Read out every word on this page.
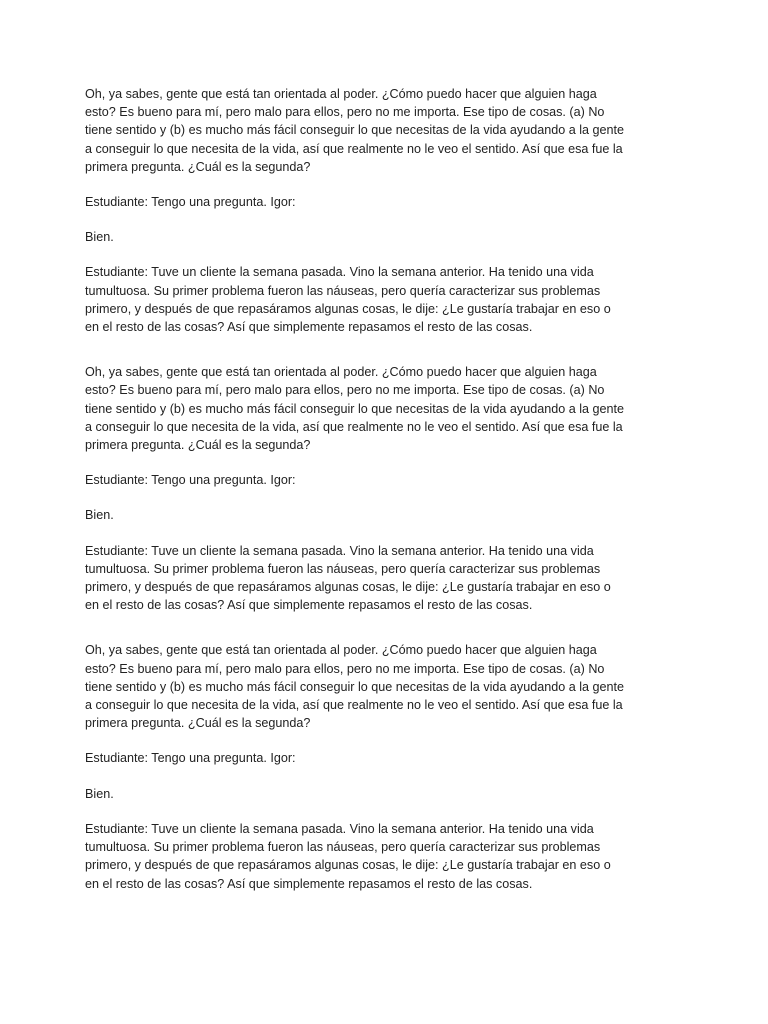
Oh, ya sabes, gente que está tan orientada al poder. ¿Cómo puedo hacer que alguien haga esto? Es bueno para mí, pero malo para ellos, pero no me importa. Ese tipo de cosas. (a) No tiene sentido y (b) es mucho más fácil conseguir lo que necesitas de la vida ayudando a la gente a conseguir lo que necesita de la vida, así que realmente no le veo el sentido. Así que esa fue la primera pregunta. ¿Cuál es la segunda?

Estudiante: Tengo una pregunta. Igor:

Bien.

Estudiante: Tuve un cliente la semana pasada. Vino la semana anterior. Ha tenido una vida tumultuosa. Su primer problema fueron las náuseas, pero quería caracterizar sus problemas primero, y después de que repasáramos algunas cosas, le dije: ¿Le gustaría trabajar en eso o en el resto de las cosas? Así que simplemente repasamos el resto de las cosas.

Oh, ya sabes, gente que está tan orientada al poder. ¿Cómo puedo hacer que alguien haga esto? Es bueno para mí, pero malo para ellos, pero no me importa. Ese tipo de cosas. (a) No tiene sentido y (b) es mucho más fácil conseguir lo que necesitas de la vida ayudando a la gente a conseguir lo que necesita de la vida, así que realmente no le veo el sentido. Así que esa fue la primera pregunta. ¿Cuál es la segunda?

Estudiante: Tengo una pregunta. Igor:

Bien.

Estudiante: Tuve un cliente la semana pasada. Vino la semana anterior. Ha tenido una vida tumultuosa. Su primer problema fueron las náuseas, pero quería caracterizar sus problemas primero, y después de que repasáramos algunas cosas, le dije: ¿Le gustaría trabajar en eso o en el resto de las cosas? Así que simplemente repasamos el resto de las cosas.

Oh, ya sabes, gente que está tan orientada al poder. ¿Cómo puedo hacer que alguien haga esto? Es bueno para mí, pero malo para ellos, pero no me importa. Ese tipo de cosas. (a) No tiene sentido y (b) es mucho más fácil conseguir lo que necesitas de la vida ayudando a la gente a conseguir lo que necesita de la vida, así que realmente no le veo el sentido. Así que esa fue la primera pregunta. ¿Cuál es la segunda?

Estudiante: Tengo una pregunta. Igor:

Bien.

Estudiante: Tuve un cliente la semana pasada. Vino la semana anterior. Ha tenido una vida tumultuosa. Su primer problema fueron las náuseas, pero quería caracterizar sus problemas primero, y después de que repasáramos algunas cosas, le dije: ¿Le gustaría trabajar en eso o en el resto de las cosas? Así que simplemente repasamos el resto de las cosas.
